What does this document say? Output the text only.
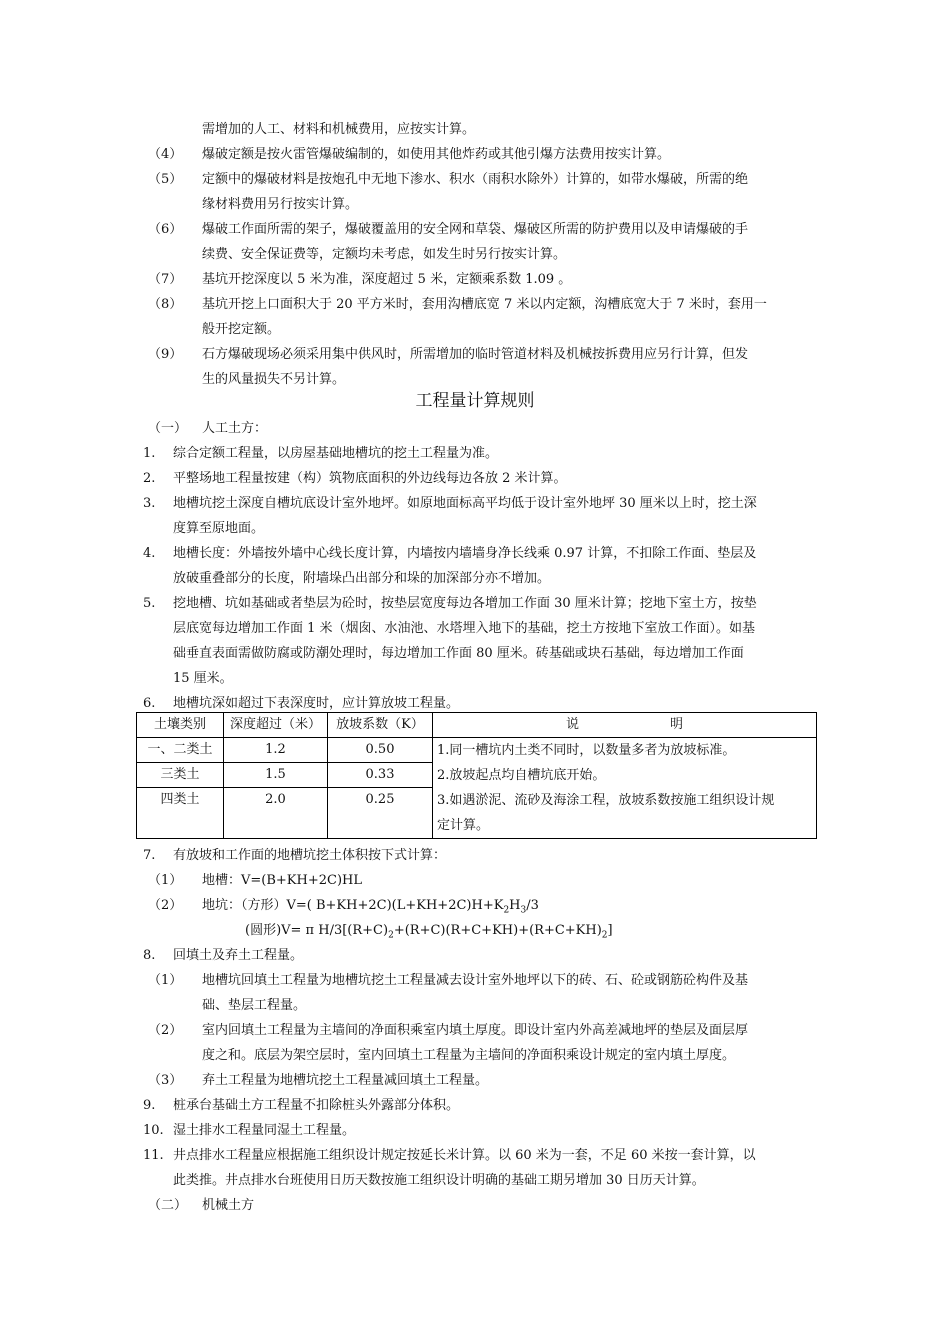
需增加的人工、材料和机械费用，应按实计算。
（4） 爆破定额是按火雷管爆破编制的，如使用其他炸药或其他引爆方法费用按实计算。
（5） 定额中的爆破材料是按炮孔中无地下渗水、积水（雨积水除外）计算的，如带水爆破，所需的绝
缘材料费用另行按实计算。
（6） 爆破工作面所需的架子，爆破覆盖用的安全网和草袋、爆破区所需的防护费用以及申请爆破的手
续费、安全保证费等，定额均未考虑，如发生时另行按实计算。
（7） 基坑开挖深度以 5 米为准，深度超过 5 米，定额乘系数 1.09 。
（8） 基坑开挖上口面积大于 20 平方米时，套用沟槽底宽 7 米以内定额，沟槽底宽大于 7 米时，套用一
般开挖定额。
（9） 石方爆破现场必须采用集中供风时，所需增加的临时管道材料及机械按拆费用应另行计算，但发
生的风量损失不另计算。
工程量计算规则
（一） 人工土方：
1. 综合定额工程量，以房屋基础地槽坑的挖土工程量为准。
2. 平整场地工程量按建（构）筑物底面积的外边线每边各放 2 米计算。
3. 地槽坑挖土深度自槽坑底设计室外地坪。如原地面标高平均低于设计室外地坪 30 厘米以上时，挖土深
度算至原地面。
4. 地槽长度：外墙按外墙中心线长度计算，内墙按内墙墙身净长线乘 0.97 计算，不扣除工作面、垫层及
放破重叠部分的长度，附墙垛凸出部分和垛的加深部分亦不增加。
5. 挖地槽、坑如基础或者垫层为砼时，按垫层宽度每边各增加工作面 30 厘米计算；挖地下室土方，按垫
层底宽每边增加工作面 1 米（烟囱、水油池、水塔埋入地下的基础，挖土方按地下室放工作面）。如基
础垂直表面需做防腐或防潮处理时，每边增加工作面 80 厘米。砖基础或块石基础，每边增加工作面
15 厘米。
6. 地槽坑深如超过下表深度时，应计算放坡工程量。
土壤类别	深度超过（米）	放坡系数（K）	说　　　　　　　明
一、二类土	1.2	0.50	1.同一槽坑内土类不同时，以数量多者为放坡标准。
2.放坡起点均自槽坑底开始。
3.如遇淤泥、流砂及海涂工程，放坡系数按施工组织设计规
定计算。

三类土	1.5	0.33	
四类土	2.0	0.25	
7. 有放坡和工作面的地槽坑挖土体积按下式计算：
（1） 地槽：V=(B+KH+2C)HL
（2） 地坑：（方形）V=( $B+KH+2C)(L+KH+2C)H+K_2H_3/3$
(圆形)V= π $H/3[(R+C)_2+(R+C)(R+C+KH)+(R+C+KH)_2]$
8. 回填土及弃土工程量。
（1） 地槽坑回填土工程量为地槽坑挖土工程量减去设计室外地坪以下的砖、石、砼或钢筋砼构件及基
础、垫层工程量。
（2） 室内回填土工程量为主墙间的净面积乘室内填土厚度。即设计室内外高差减地坪的垫层及面层厚
度之和。底层为架空层时，室内回填土工程量为主墙间的净面积乘设计规定的室内填土厚度。
（3） 弃土工程量为地槽坑挖土工程量减回填土工程量。
9. 桩承台基础土方工程量不扣除桩头外露部分体积。
10. 湿土排水工程量同湿土工程量。
11. 井点排水工程量应根据施工组织设计规定按延长米计算。以 60 米为一套，不足 60 米按一套计算，以
此类推。井点排水台班使用日历天数按施工组织设计明确的基础工期另增加 30 日历天计算。
（二） 机械土方
